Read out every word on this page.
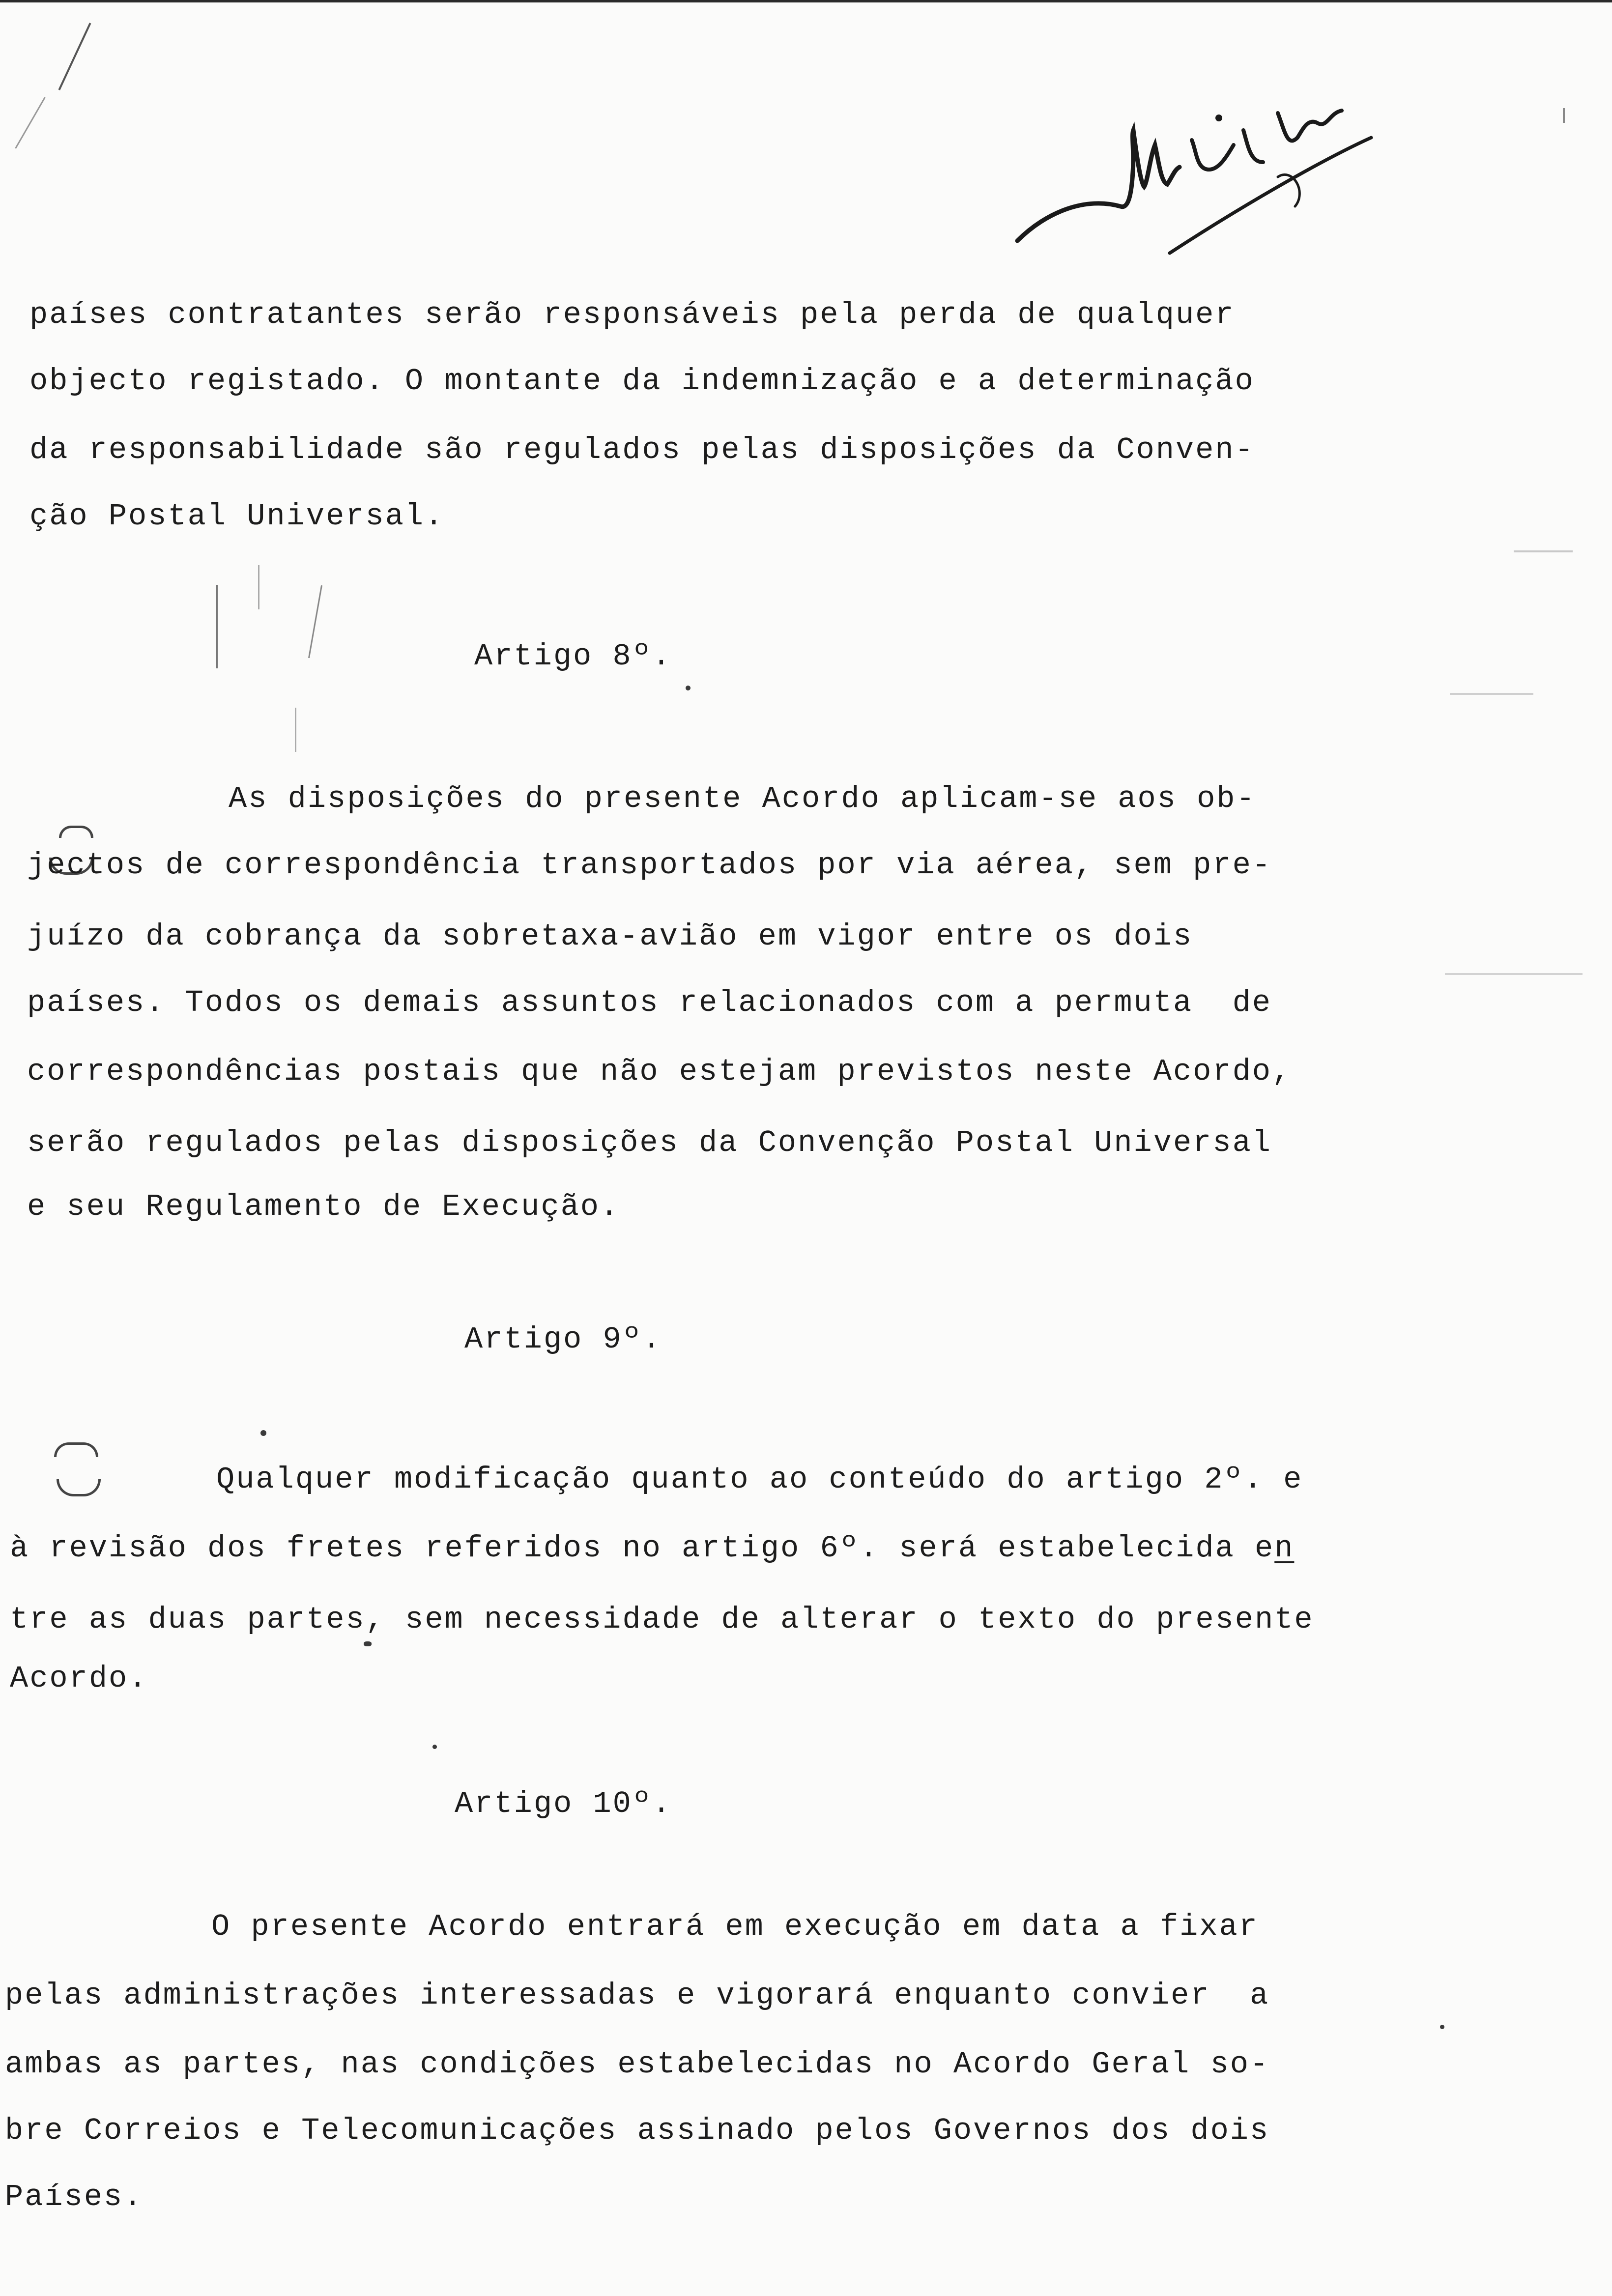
países contratantes serão responsáveis pela perda de qualquer
objecto registado. O montante da indemnização e a determinação
da responsabilidade são regulados pelas disposições da Conven-
ção Postal Universal.
Artigo 8º.
As disposições do presente Acordo aplicam-se aos ob-
jectos de correspondência transportados por via aérea, sem pre-
juízo da cobrança da sobretaxa-avião em vigor entre os dois
países. Todos os demais assuntos relacionados com a permuta  de
correspondências postais que não estejam previstos neste Acordo,
serão regulados pelas disposições da Convenção Postal Universal
e seu Regulamento de Execução.
Artigo 9º.
Qualquer modificação quanto ao conteúdo do artigo 2º. e
à revisão dos fretes referidos no artigo 6º. será estabelecida en
tre as duas partes, sem necessidade de alterar o texto do presente
Acordo.
Artigo 10º.
O presente Acordo entrará em execução em data a fixar
pelas administrações interessadas e vigorará enquanto convier  a
ambas as partes, nas condições estabelecidas no Acordo Geral so-
bre Correios e Telecomunicações assinado pelos Governos dos dois
Países.
